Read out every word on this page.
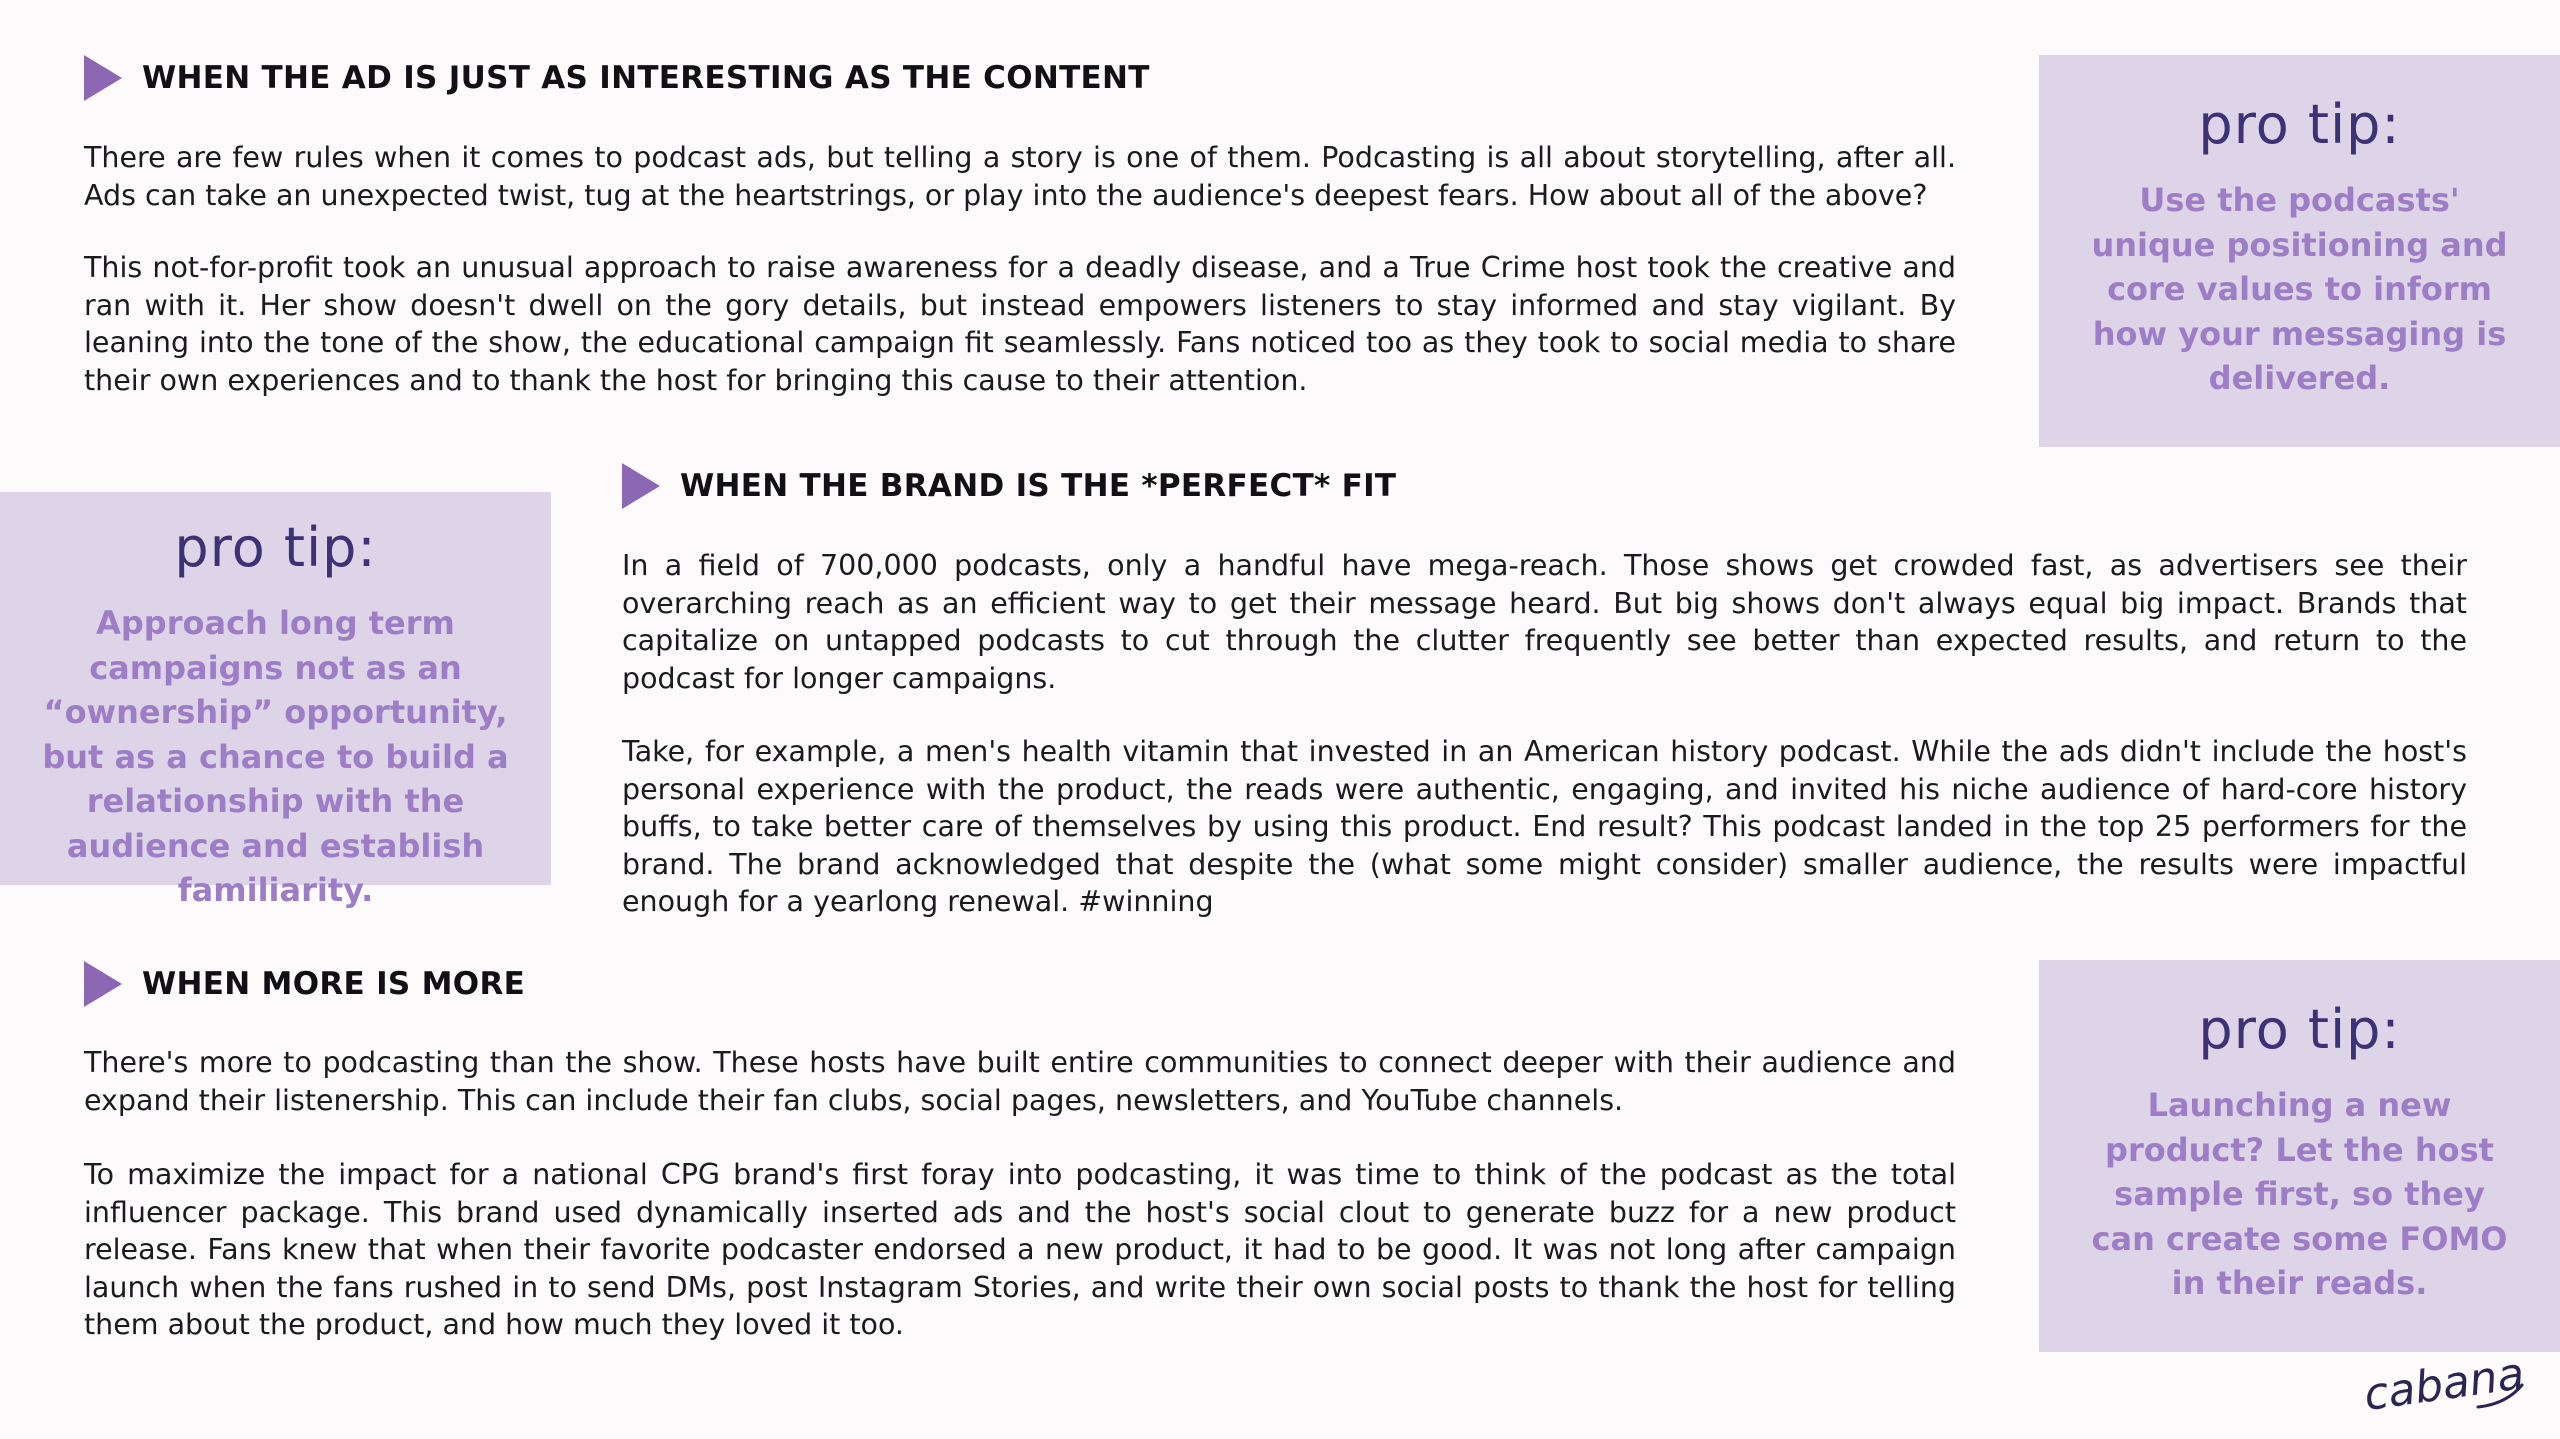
WHEN THE AD IS JUST AS INTERESTING AS THE CONTENT

There are few rules when it comes to podcast ads, but telling a story is one of them. Podcasting is all about storytelling, after all. Ads can take an unexpected twist, tug at the heartstrings, or play into the audience's deepest fears. How about all of the above?

This not-for-profit took an unusual approach to raise awareness for a deadly disease, and a True Crime host took the creative and ran with it. Her show doesn't dwell on the gory details, but instead empowers listeners to stay informed and stay vigilant. By leaning into the tone of the show, the educational campaign fit seamlessly. Fans noticed too as they took to social media to share their own experiences and to thank the host for bringing this cause to their attention.

pro tip:
Use the podcasts' unique positioning and core values to inform how your messaging is delivered.
pro tip:
Approach long term campaigns not as an “ownership” opportunity, but as a chance to build a relationship with the audience and establish familiarity.
WHEN THE BRAND IS THE *PERFECT* FIT

In a field of 700,000 podcasts, only a handful have mega-reach. Those shows get crowded fast, as advertisers see their overarching reach as an efficient way to get their message heard. But big shows don't always equal big impact. Brands that capitalize on untapped podcasts to cut through the clutter frequently see better than expected results, and return to the podcast for longer campaigns.

Take, for example, a men's health vitamin that invested in an American history podcast. While the ads didn't include the host's personal experience with the product, the reads were authentic, engaging, and invited his niche audience of hard-core history buffs, to take better care of themselves by using this product. End result? This podcast landed in the top 25 performers for the brand. The brand acknowledged that despite the (what some might consider) smaller audience, the results were impactful enough for a yearlong renewal. #winning

WHEN MORE IS MORE

There's more to podcasting than the show. These hosts have built entire communities to connect deeper with their audience and expand their listenership. This can include their fan clubs, social pages, newsletters, and YouTube channels.

To maximize the impact for a national CPG brand's first foray into podcasting, it was time to think of the podcast as the total influencer package. This brand used dynamically inserted ads and the host's social clout to generate buzz for a new product release. Fans knew that when their favorite podcaster endorsed a new product, it had to be good. It was not long after campaign launch when the fans rushed in to send DMs, post Instagram Stories, and write their own social posts to thank the host for telling them about the product, and how much they loved it too.

pro tip:
Launching a new product? Let the host sample first, so they can create some FOMO in their reads.
cabana
